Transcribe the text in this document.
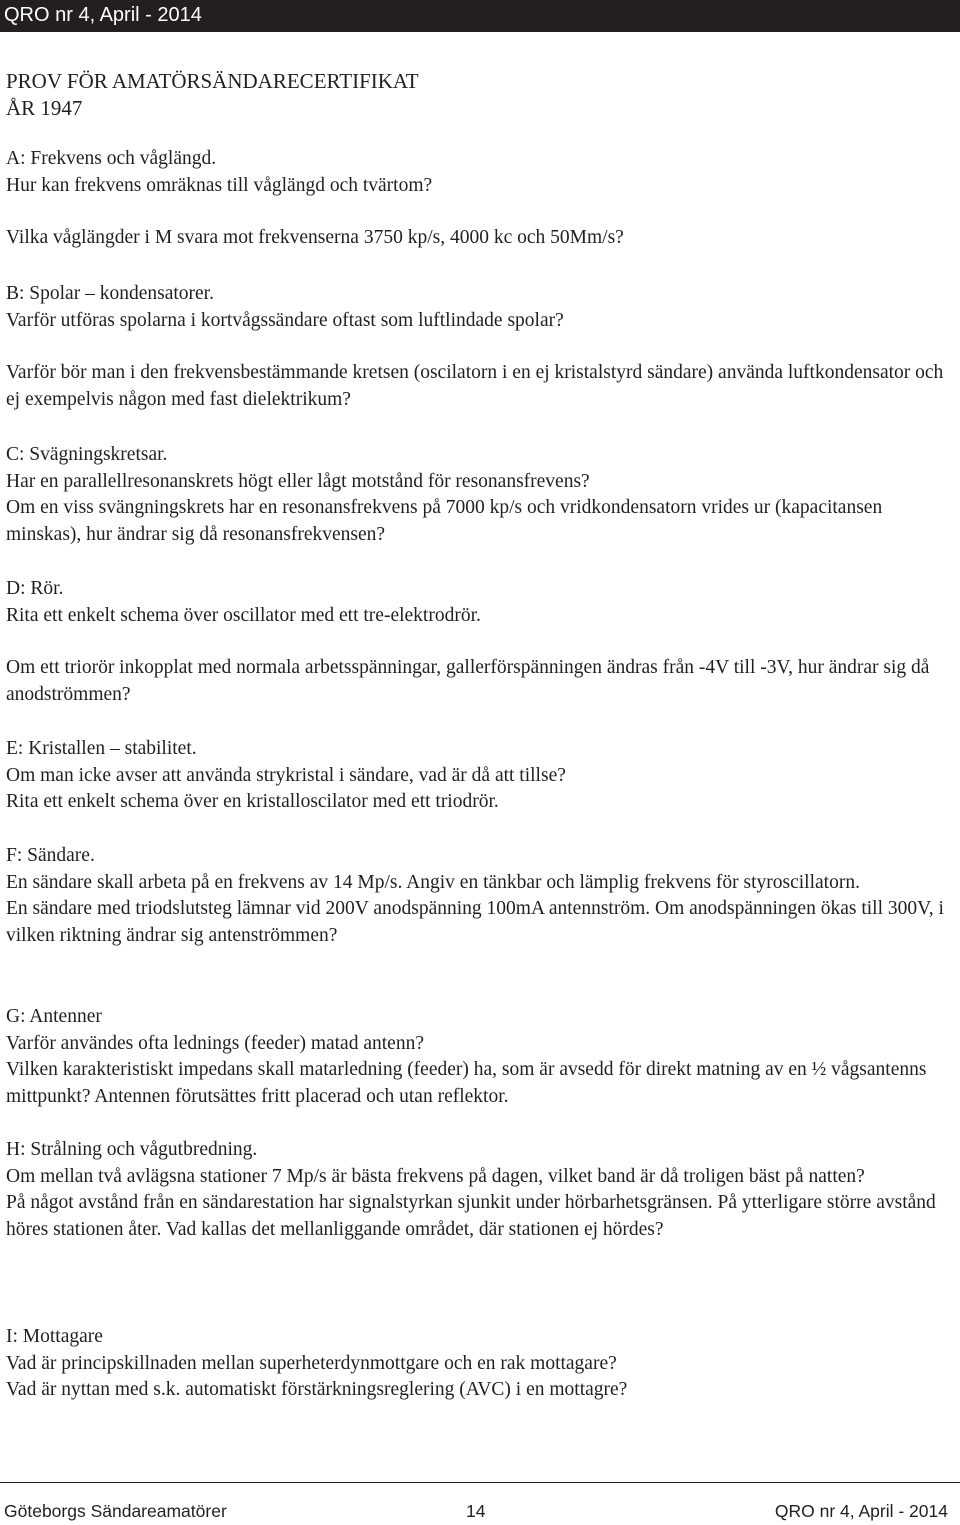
QRO nr 4, April - 2014
PROV FÖR AMATÖRSÄNDARECERTIFIKAT
ÅR 1947

A: Frekvens och våglängd.

Hur kan frekvens omräknas till våglängd och tvärtom?

Vilka våglängder i M svara mot frekvenserna 3750 kp/s, 4000 kc och 50Mm/s?

B: Spolar – kondensatorer.

Varför utföras spolarna i kortvågssändare oftast som luftlindade spolar?

Varför bör man i den frekvensbestämmande kretsen (oscilatorn i en ej kristalstyrd sändare) använda luftkondensator och ej exempelvis någon med fast dielektrikum?

C: Svägningskretsar.

Har en parallellresonanskrets högt eller lågt motstånd för resonansfrevens?

Om en viss svängningskrets har en resonansfrekvens på 7000 kp/s och vridkondensatorn vrides ur (kapacitansen minskas), hur ändrar sig då resonansfrekvensen?

D: Rör.

Rita ett enkelt schema över oscillator med ett tre-elektrodrör.

Om ett triorör inkopplat med normala arbetsspänningar, gallerförspänningen ändras från -4V till -3V, hur ändrar sig då anodströmmen?

E: Kristallen – stabilitet.

Om man icke avser att använda strykristal i sändare, vad är då att tillse?

Rita ett enkelt schema över en kristalloscilator med ett triodrör.

F: Sändare.

En sändare skall arbeta på en frekvens av 14 Mp/s. Angiv en tänkbar och lämplig frekvens för styroscillatorn.

En sändare med triodslutsteg lämnar vid 200V anodspänning 100mA antennström. Om anodspänningen ökas till 300V, i vilken riktning ändrar sig antenströmmen?

G: Antenner

Varför användes ofta lednings (feeder) matad antenn?

Vilken karakteristiskt impedans skall matarledning (feeder) ha, som är avsedd för direkt matning av en ½ vågsantenns mittpunkt? Antennen förutsättes fritt placerad och utan reflektor.

H: Strålning och vågutbredning.

Om mellan två avlägsna stationer 7 Mp/s är bästa frekvens på dagen, vilket band är då troligen bäst på natten?

På något avstånd från en sändarestation har signalstyrkan sjunkit under hörbarhetsgränsen. På ytterligare större avstånd höres stationen åter. Vad kallas det mellanliggande området, där stationen ej hördes?

I: Mottagare

Vad är principskillnaden mellan superheterdynmottgare och en rak mottagare?

Vad är nyttan med s.k. automatiskt förstärkningsreglering (AVC) i en mottagre?

Göteborgs Sändareamatörer	14	QRO nr 4, April - 2014
